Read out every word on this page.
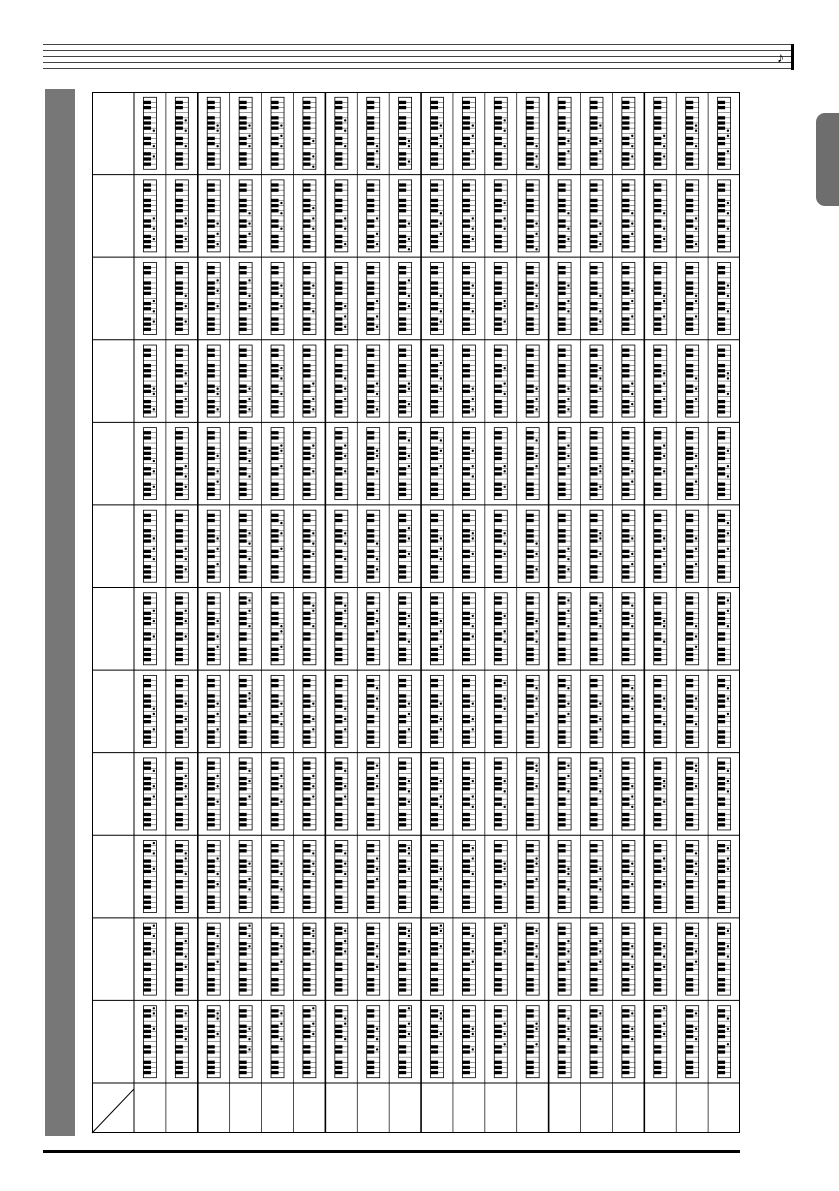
♪
